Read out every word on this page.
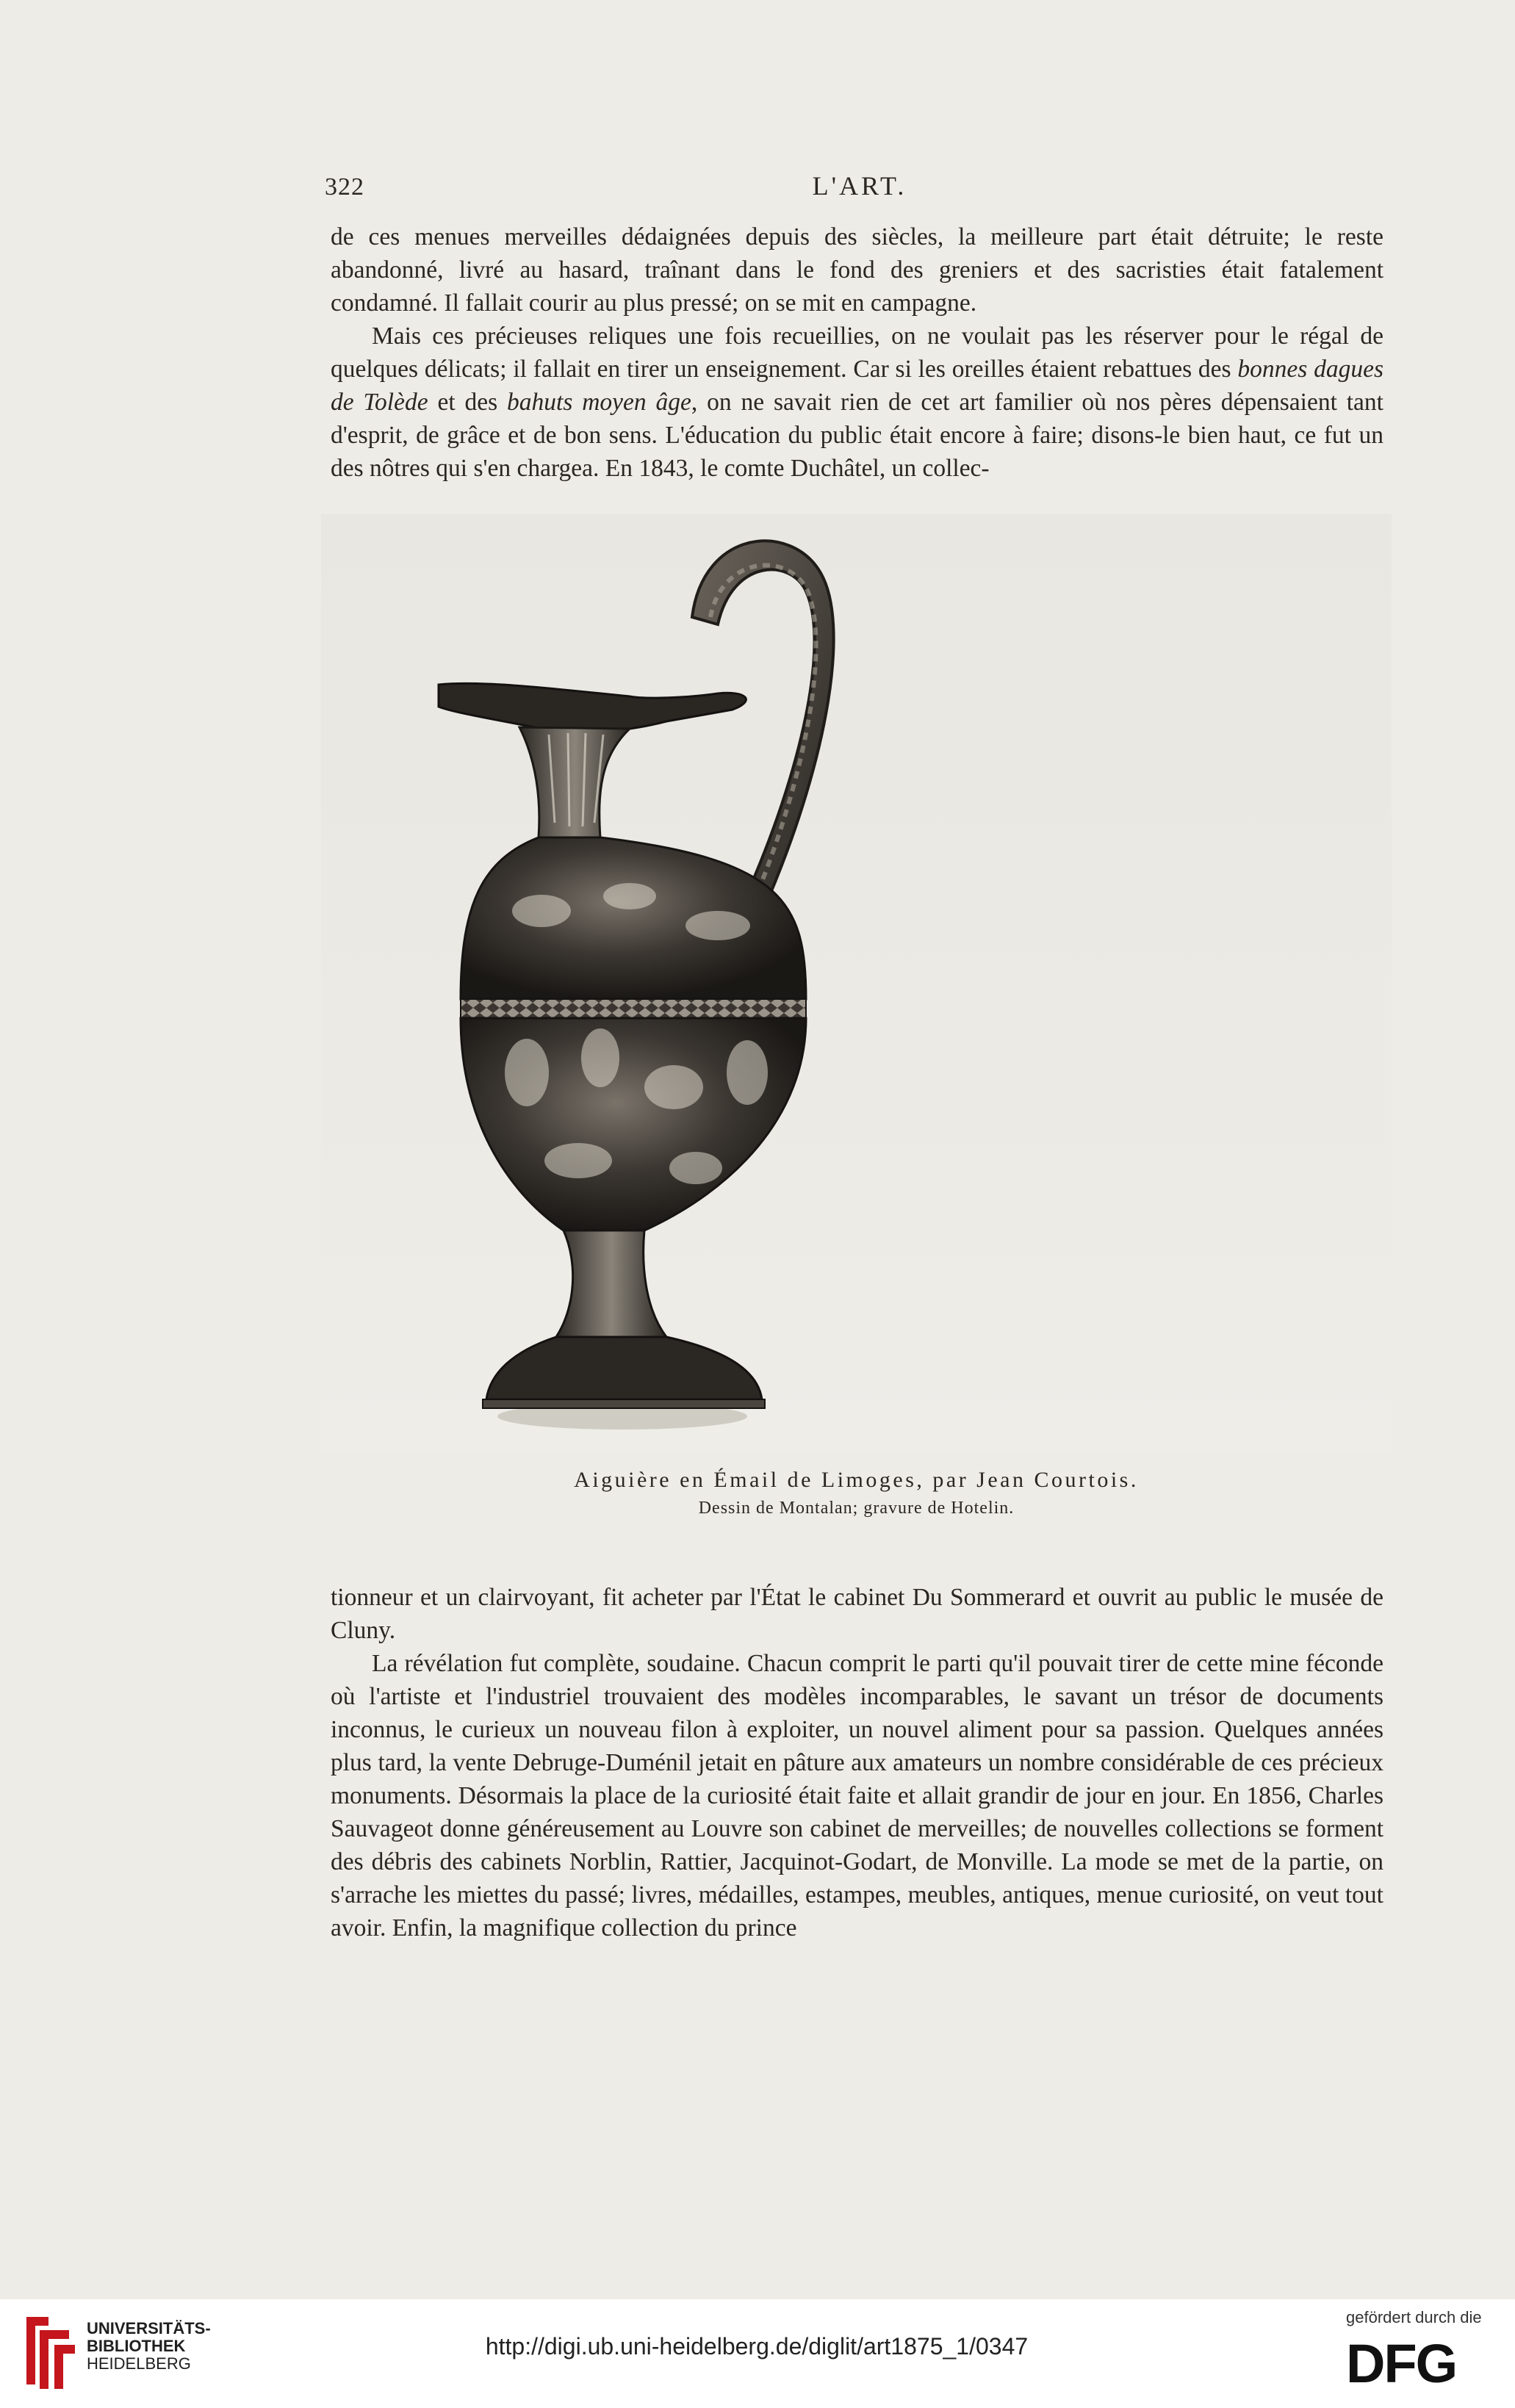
322	L'ART.

de ces menues merveilles dédaignées depuis des siècles, la meilleure part était détruite; le reste

abandonné, livré au hasard, traînant dans le fond des greniers et des sacristies était fatalement

condamné. Il fallait courir au plus pressé; on se mit en campagne.

Mais ces précieuses reliques une fois recueillies, on ne voulait pas les réserver pour le régal de quelques délicats; il fallait en tirer un enseignement. Car si les oreilles étaient rebattues des bonnes dagues de Tolède et des bahuts moyen âge, on ne savait rien de cet art familier où nos pères dépensaient tant d'esprit, de grâce et de bon sens. L'éducation du public était encore à faire; disons-le bien haut, ce fut un des nôtres qui s'en chargea. En 1843, le comte Duchâtel, un collec-

Aiguière en Émail de Limoges, par Jean Courtois.
Dessin de Montalan; gravure de Hotelin.

tionneur et un clairvoyant, fit acheter par l'État le cabinet Du Sommerard et ouvrit au public le musée de Cluny.

La révélation fut complète, soudaine. Chacun comprit le parti qu'il pouvait tirer de cette mine féconde où l'artiste et l'industriel trouvaient des modèles incomparables, le savant un trésor de documents inconnus, le curieux un nouveau filon à exploiter, un nouvel aliment pour sa passion. Quelques années plus tard, la vente Debruge-Duménil jetait en pâture aux amateurs un nombre considérable de ces précieux monuments. Désormais la place de la curiosité était faite et allait grandir de jour en jour. En 1856, Charles Sauvageot donne généreusement au Louvre son cabinet de merveilles; de nouvelles collections se forment des débris des cabinets Norblin, Rattier, Jacquinot-Godart, de Monville. La mode se met de la partie, on s'arrache les miettes du passé; livres, médailles, estampes, meubles, antiques, menue curiosité, on veut tout avoir. Enfin, la magnifique collection du prince

UNIVERSITÄTS-
BIBLIOTHEK
HEIDELBERG
http://digi.ub.uni-heidelberg.de/diglit/art1875_1/0347
gefördert durch die
DFG
